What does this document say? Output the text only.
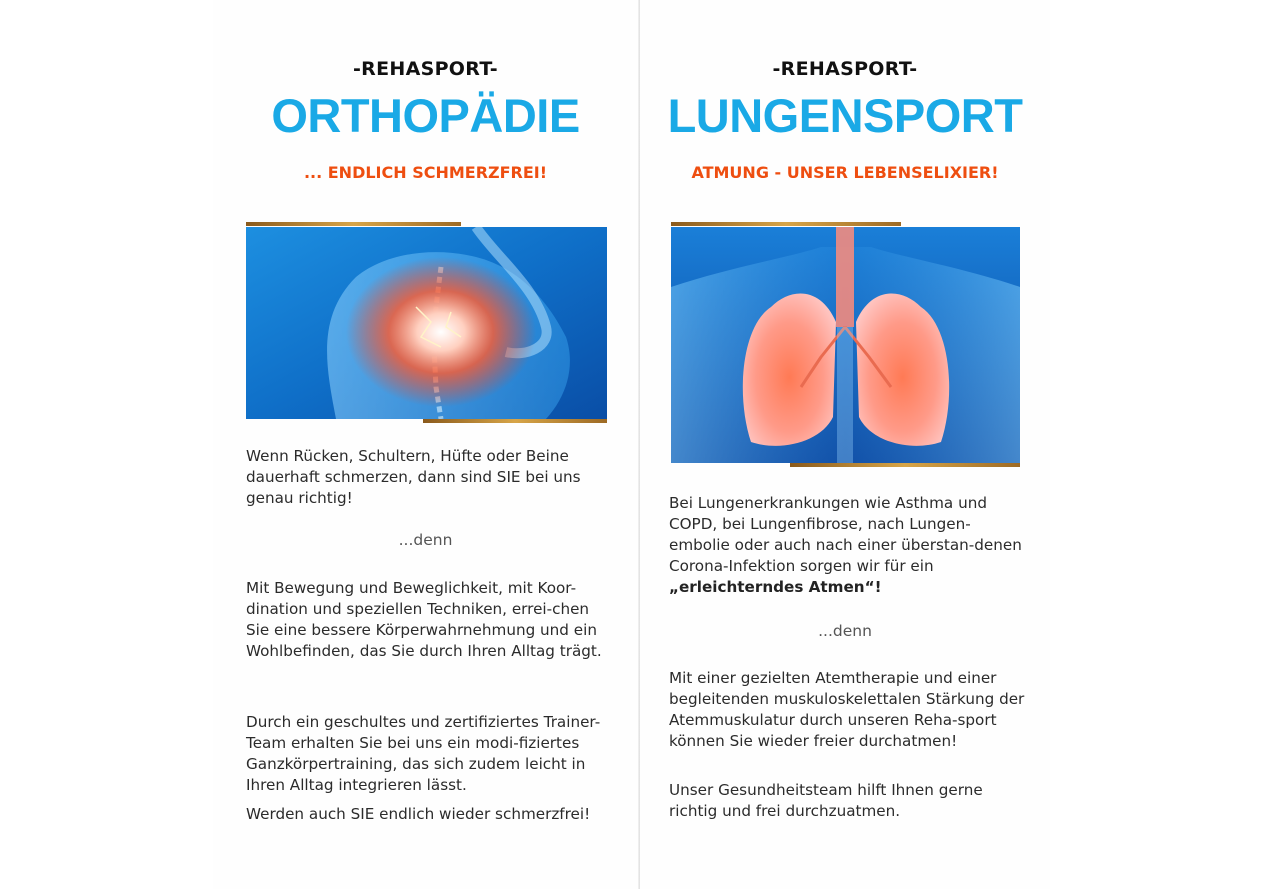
-REHASPORT-
ORTHOPÄDIE
... ENDLICH SCHMERZFREI!

Wenn Rücken, Schultern, Hüfte oder Beine dauerhaft schmerzen, dann sind SIE bei uns genau richtig!

...denn

Mit Bewegung und Beweglichkeit, mit Koor-dination und speziellen Techniken, errei-chen Sie eine bessere Körperwahrnehmung und ein Wohlbefinden, das Sie durch Ihren Alltag trägt.

Durch ein geschultes und zertifiziertes Trainer-Team erhalten Sie bei uns ein modi-fiziertes Ganzkörpertraining, das sich zudem leicht in Ihren Alltag integrieren lässt.

Werden auch SIE endlich wieder schmerzfrei!

-REHASPORT-
LUNGENSPORT
ATMUNG - UNSER LEBENSELIXIER!

Bei Lungenerkrankungen wie Asthma und COPD, bei Lungenfibrose, nach Lungen-embolie oder auch nach einer überstan-denen Corona-Infektion sorgen wir für ein „erleichterndes Atmen“!

...denn

Mit einer gezielten Atemtherapie und einer begleitenden muskuloskelettalen Stärkung der Atemmuskulatur durch unseren Reha-sport können Sie wieder freier durchatmen!

Unser Gesundheitsteam hilft Ihnen gerne richtig und frei durchzuatmen.
